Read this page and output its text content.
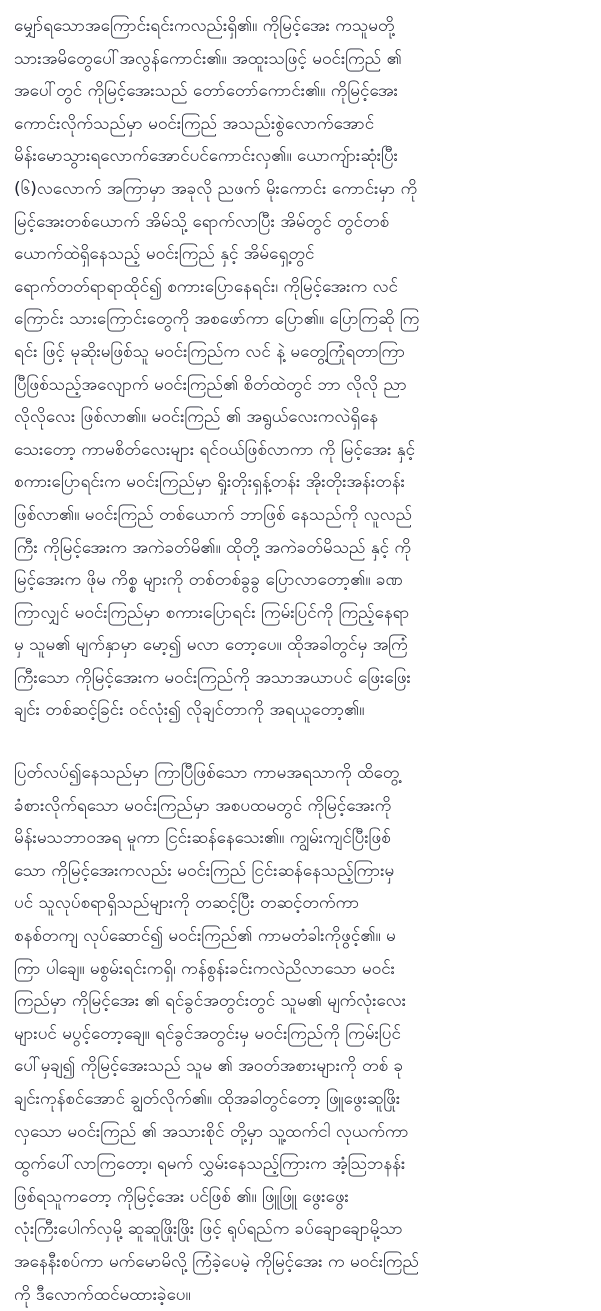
မျှော်ရသောအကြောင်းရင်းကလည်းရှိ၏။ ကိုမြင့်အေး ကသူမတို့
သားအမိတွေပေါ်အလွန်ကောင်း၏။ အထူးသဖြင့် မဝင်းကြည် ၏
အပေါ်တွင် ကိုမြင့်အေးသည် တော်တော်ကောင်း၏။ ကိုမြင့်အေး
ကောင်းလိုက်သည်မှာ မဝင်းကြည် အသည်းစွဲလောက်အောင်
မိန်းမောသွားရလောက်အောင်ပင်ကောင်းလှ၏။ ယောကျ်ားဆုံးပြီး
(၆)လလောက် အကြာမှာ အခုလို ညဖက် မိုးကောင်း ကောင်းမှာ ကို
မြင့်အေးတစ်ယောက် အိမ်သို့ ရောက်လာပြီး အိမ်တွင် တွင်တစ်
ယောက်ထဲရှိနေသည့် မဝင်းကြည် နှင့် အိမ်ရှေ့တွင်
ရောက်တတ်ရာရာထိုင်၍ စကားပြောနေရင်း၊ ကိုမြင့်အေးက လင်
ကြောင်း သားကြောင်းတွေကို အစဖော်ကာ ပြော၏။ ပြောကြဆို ကြ
ရင်း ဖြင့် မုဆိုးမဖြစ်သူ မဝင်းကြည်က လင် နဲ့ မတွေ့ကြုံရတာကြာ
ပြီဖြစ်သည့်အလျောက် မဝင်းကြည်၏ စိတ်ထဲတွင် ဘာ လိုလို ညာ
လိုလိုလေး ဖြစ်လာ၏။ မဝင်းကြည် ၏ အရွယ်လေးကလဲရှိနေ
သေးတော့ ကာမစိတ်လေးများ ရင်ဝယ်ဖြစ်လာကာ ကို မြင့်အေး နှင့်
စကားပြောရင်းက မဝင်းကြည်မှာ ရှိုးတိုးရှန့်တန်း အိုးတိုးအန်းတန်း
ဖြစ်လာ၏။ မဝင်းကြည် တစ်ယောက် ဘာဖြစ် နေသည်ကို လူလည်
ကြီး ကိုမြင့်အေးက အကဲခတ်မိ၏။ ထိုတို့ အကဲခတ်မိသည် နှင့် ကို
မြင့်အေးက ဖိုမ ကိစ္စ များကို တစ်တစ်ခွခွ ပြောလာတော့၏။ ခဏ
ကြာလျှင် မဝင်းကြည်မှာ စကားပြောရင်း ကြမ်းပြင်ကို ကြည့်နေရာ
မှ သူမ၏ မျက်နှာမှာ မော့၍ မလာ တော့ပေ။ ထိုအခါတွင်မှ အကြံ
ကြီးသော ကိုမြင့်အေးက မဝင်းကြည်ကို အသာအယာပင် ဖြေးဖြေး
ချင်း တစ်ဆင့်ခြင်း ဝင်လုံး၍ လိုချင်တာကို အရယူတော့၏။
ပြတ်လပ်၍နေသည်မှာ ကြာပြီဖြစ်သော ကာမအရသာကို ထိတွေ့
ခံစားလိုက်ရသော မဝင်းကြည်မှာ အစပထမတွင် ကိုမြင့်အေးကို
မိန်းမသဘာဝအရ မူကာ ငြင်းဆန်နေသေး၏။ ကျွမ်းကျင်ပြီးဖြစ်
သော ကိုမြင့်အေးကလည်း မဝင်းကြည် ငြင်းဆန်နေသည့်ကြားမှ
ပင် သူလုပ်စရာရှိသည်များကို တဆင့်ပြီး တဆင့်တက်ကာ
စနစ်တကျ လုပ်ဆောင်၍ မဝင်းကြည်၏ ကာမတံခါးကိုဖွင့်၏။ မ
ကြာ ပါချေ။ မစွမ်းရင်းကရှိ၊ ကန်စွန်းခင်းကလဲညိလာသော မဝင်း
ကြည်မှာ ကိုမြင့်အေး ၏ ရင်ခွင်အတွင်းတွင် သူမ၏ မျက်လုံးလေး
များပင် မပွင့်တော့ချေ။ ရင်ခွင်အတွင်းမှ မဝင်းကြည်ကို ကြမ်းပြင်
ပေါ်မှချ၍ ကိုမြင့်အေးသည် သူမ ၏ အဝတ်အစားများကို တစ် ခု
ချင်းကုန်စင်အောင် ချွတ်လိုက်၏။ ထိုအခါတွင်တော့ ဖြူဖွေးဆူဖြိုး
လှသော မဝင်းကြည် ၏ အသားစိုင် တို့မှာ သူ့ထက်ငါ လုယက်ကာ
ထွက်ပေါ်လာကြတော့၊ ရမက် လွှမ်းနေသည့်ကြားက အံ့သြဘနန်း
ဖြစ်ရသူကတော့ ကိုမြင့်အေး ပင်ဖြစ် ၏။ ဖြူဖြူ ဖွေးဖွေး
လုံးကြီးပေါက်လှမို့ ဆူဆူဖြိုးဖြိုး ဖြင့် ရုပ်ရည်က ခပ်ချောချောမို့သာ
အနေနီးစပ်ကာ မက်မောမိလို့ ကြံခဲ့ပေမဲ့ ကိုမြင့်အေး က မဝင်းကြည်
ကို ဒီလောက်ထင်မထားခဲ့ပေ။
